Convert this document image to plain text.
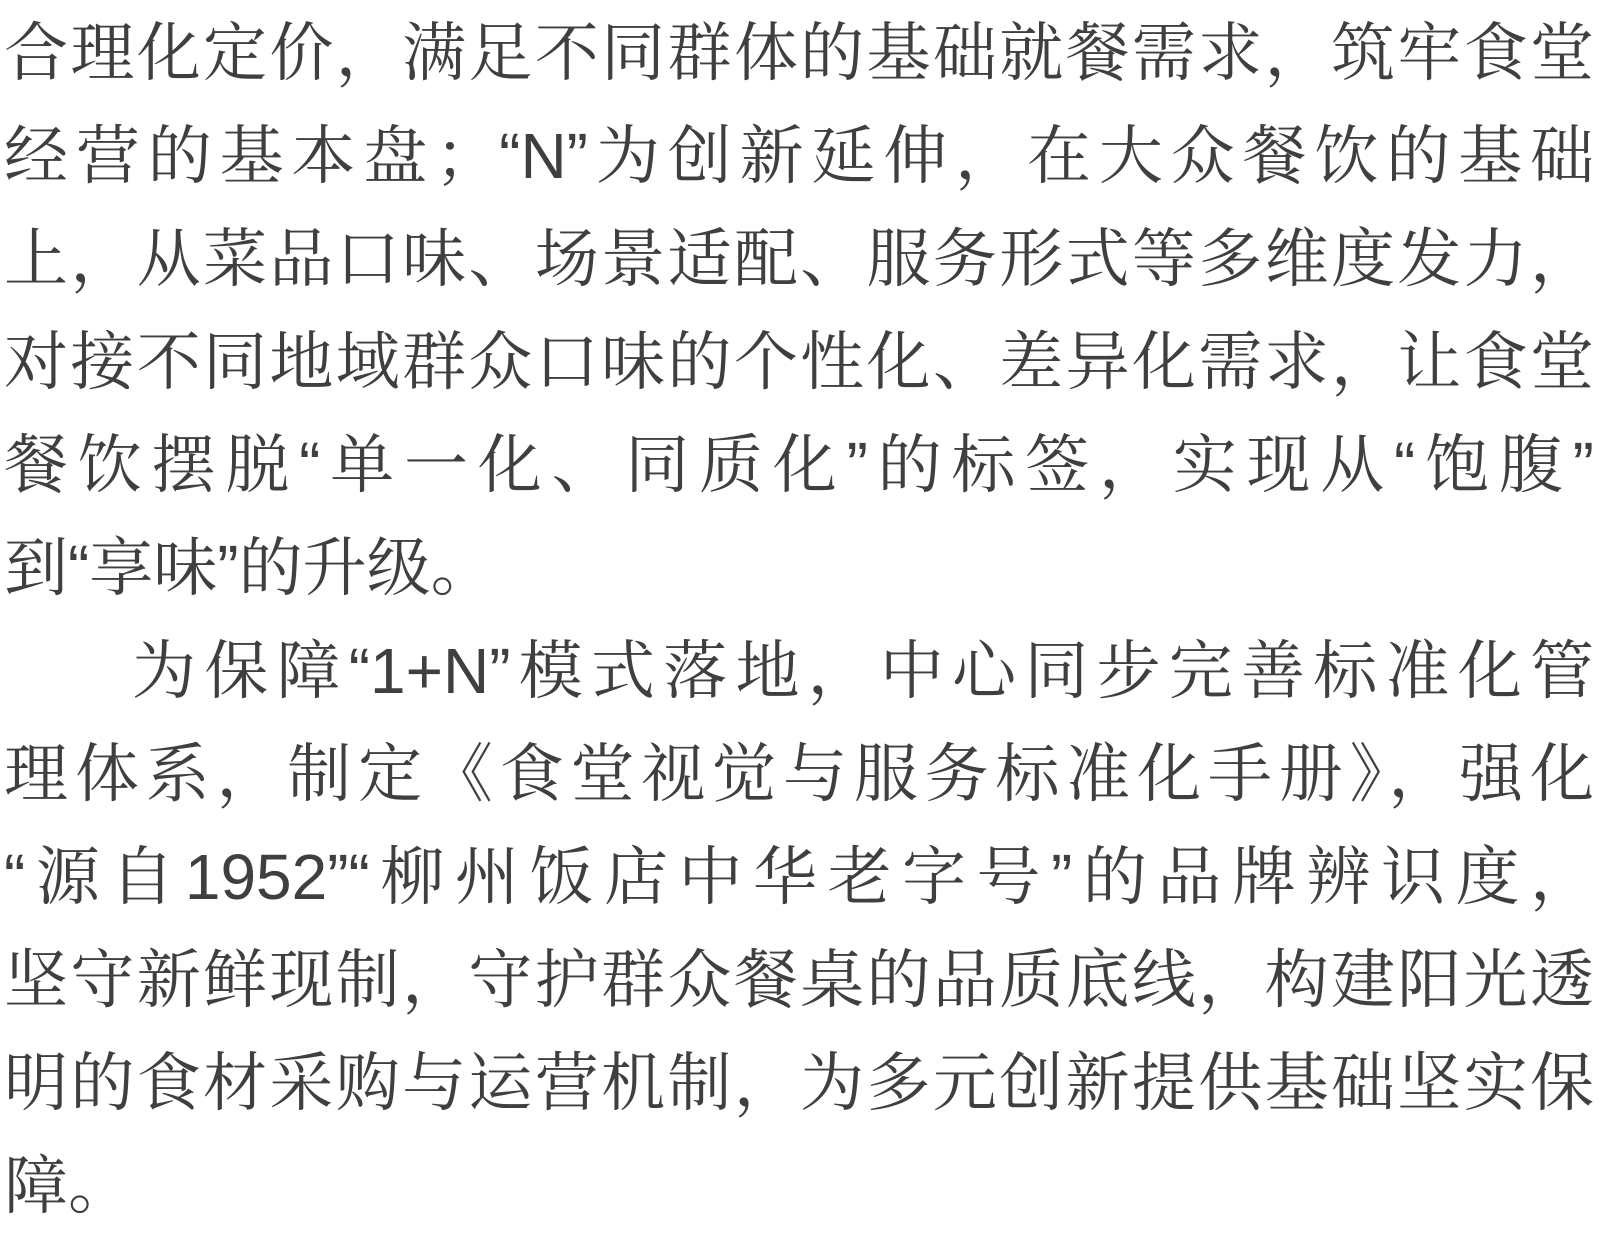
合理化定价，满足不同群体的基础就餐需求，筑牢食堂
经营的基本盘；“N”为创新延伸，在大众餐饮的基础
上，从菜品口味、场景适配、服务形式等多维度发力，
对接不同地域群众口味的个性化、差异化需求，让食堂
餐饮摆脱“单一化、同质化”的标签，实现从“饱腹”
到“享味”的升级。
为保障“1+N”模式落地，中心同步完善标准化管
理体系，制定《食堂视觉与服务标准化手册》，强化
“源自1952”“柳州饭店中华老字号”的品牌辨识度，
坚守新鲜现制，守护群众餐桌的品质底线，构建阳光透
明的食材采购与运营机制，为多元创新提供基础坚实保
障。
